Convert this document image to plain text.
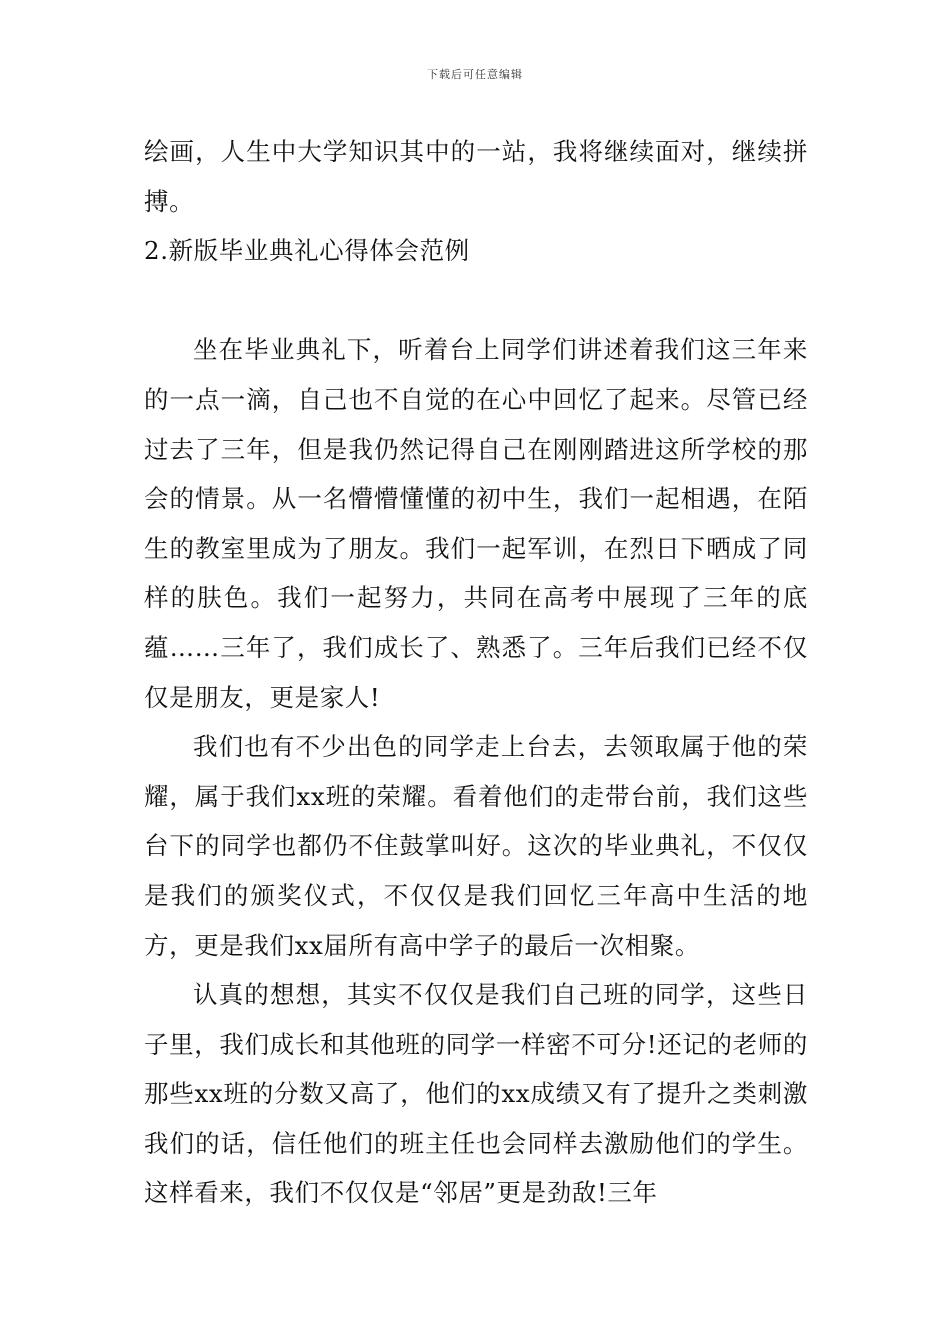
下载后可任意编辑

绘画，人生中大学知识其中的一站，我将继续面对，继续拼搏。

2.新版毕业典礼心得体会范例

坐在毕业典礼下，听着台上同学们讲述着我们这三年来的一点一滴，自己也不自觉的在心中回忆了起来。尽管已经过去了三年，但是我仍然记得自己在刚刚踏进这所学校的那会的情景。从一名懵懵懂懂的初中生，我们一起相遇，在陌生的教室里成为了朋友。我们一起军训，在烈日下晒成了同样的肤色。我们一起努力，共同在高考中展现了三年的底蕴……三年了，我们成长了、熟悉了。三年后我们已经不仅仅是朋友，更是家人!

我们也有不少出色的同学走上台去，去领取属于他的荣耀，属于我们xx班的荣耀。看着他们的走带台前，我们这些台下的同学也都仍不住鼓掌叫好。这次的毕业典礼，不仅仅是我们的颁奖仪式，不仅仅是我们回忆三年高中生活的地方，更是我们xx届所有高中学子的最后一次相聚。

认真的想想，其实不仅仅是我们自己班的同学，这些日子里，我们成长和其他班的同学一样密不可分!还记的老师的那些xx班的分数又高了，他们的xx成绩又有了提升之类刺激我们的话，信任他们的班主任也会同样去激励他们的学生。这样看来，我们不仅仅是“邻居”更是劲敌!三年
